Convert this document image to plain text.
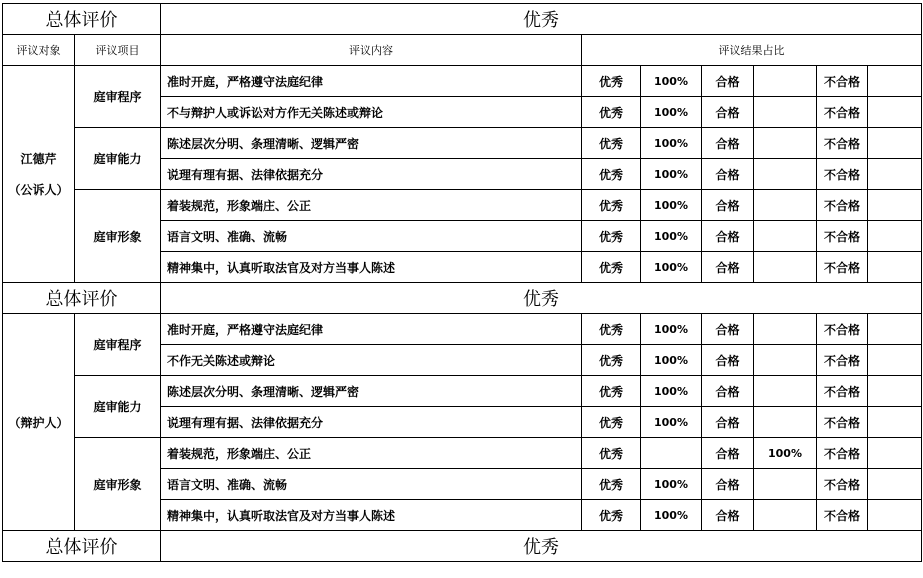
总体评价		优秀						
评议对象	评议项目	评议内容	评议结果占比					

江德芹
（公诉人）	庭审程序	准时开庭，严格遵守法庭纪律	优秀	100%	合格		不合格	
		不与辩护人或诉讼对方作无关陈述或辩论	优秀	100%	合格		不合格	
	庭审能力	陈述层次分明、条理清晰、逻辑严密	优秀	100%	合格		不合格	
		说理有理有据、法律依据充分	优秀	100%	合格		不合格	
	庭审形象	着装规范，形象端庄、公正	优秀	100%	合格		不合格	
		语言文明、准确、流畅	优秀	100%	合格		不合格	
		精神集中，认真听取法官及对方当事人陈述	优秀	100%	合格		不合格	
总体评价		优秀						

（辩护人）	庭审程序	准时开庭，严格遵守法庭纪律	优秀	100%	合格		不合格	
		不作无关陈述或辩论	优秀	100%	合格		不合格	
	庭审能力	陈述层次分明、条理清晰、逻辑严密	优秀	100%	合格		不合格	
		说理有理有据、法律依据充分	优秀	100%	合格		不合格	
	庭审形象	着装规范，形象端庄、公正	优秀		合格	100%	不合格	
		语言文明、准确、流畅	优秀	100%	合格		不合格	
		精神集中，认真听取法官及对方当事人陈述	优秀	100%	合格		不合格	
总体评价		优秀						
